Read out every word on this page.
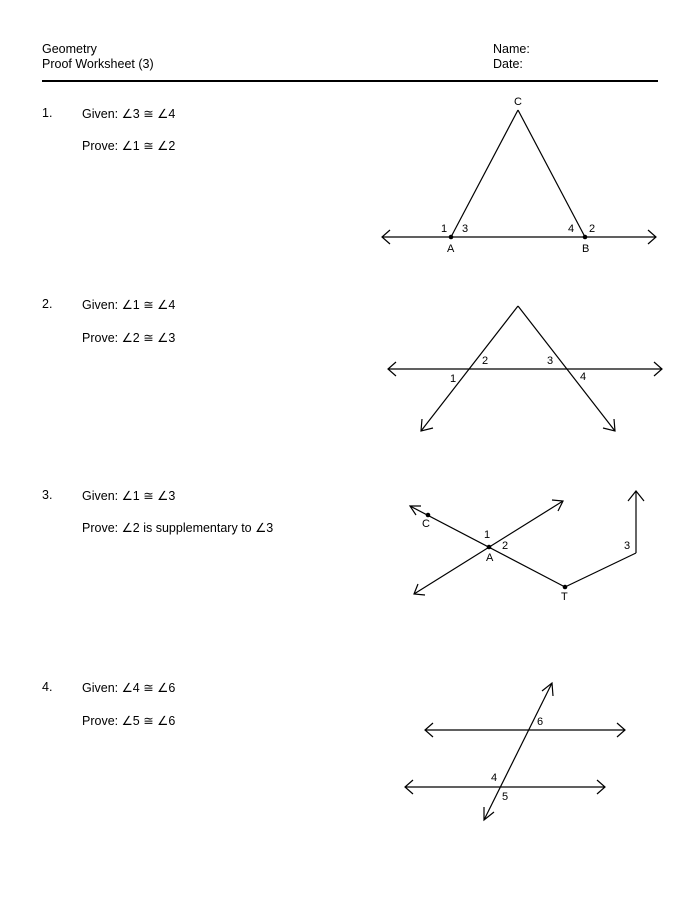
Geometry
Proof Worksheet (3)
Name:
Date:
1. Given: ∠3 ≅ ∠4
Prove: ∠1 ≅ ∠2
C
A	B
1 3	4 2
2. Given: ∠1 ≅ ∠4
Prove: ∠2 ≅ ∠3
1
2	3
4
3. Given: ∠1 ≅ ∠3
Prove: ∠2 is supplementary to ∠3	C
A
T
1
2	3
4. Given: ∠4 ≅ ∠6
Prove: ∠5 ≅ ∠6	6
4
5
